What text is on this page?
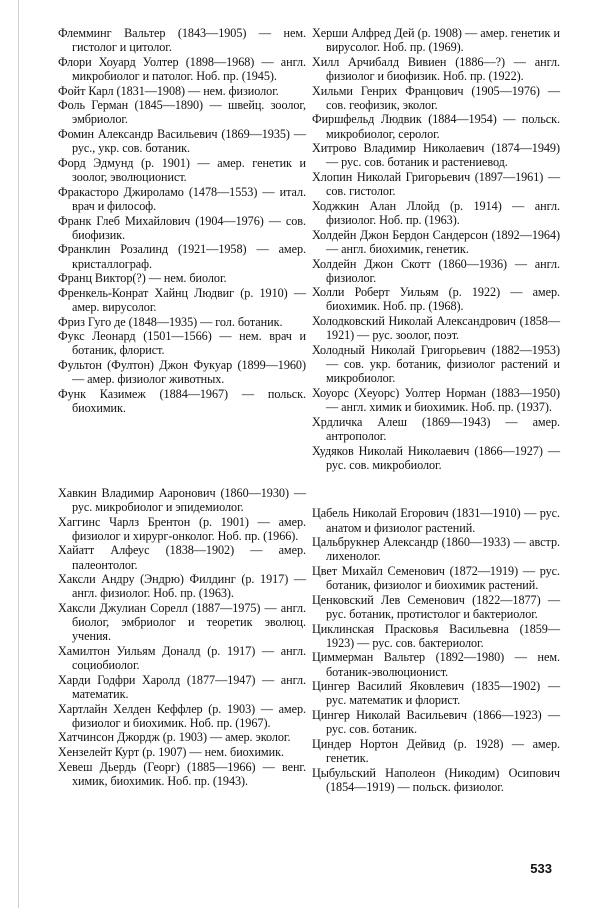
Флемминг Вальтер (1843—1905) — нем. гистолог и цитолог.

Флори Хоуард Уолтер (1898—1968) — англ. микробиолог и патолог. Ноб. пр. (1945).

Фойт Карл (1831—1908) — нем. физиолог.

Фоль Герман (1845—1890) — швейц. зоолог, эмбриолог.

Фомин Александр Васильевич (1869—1935) — рус., укр. сов. ботаник.

Форд Эдмунд (р. 1901) — амер. генетик и зоолог, эволюционист.

Фракасторо Джироламо (1478—1553) — итал. врач и философ.

Франк Глеб Михайлович (1904—1976) — сов. биофизик.

Франклин Розалинд (1921—1958) — амер. кристаллограф.

Франц Виктор(?) — нем. биолог.

Френкель-Конрат Хайнц Людвиг (р. 1910) — амер. вирусолог.

Фриз Гуго де (1848—1935) — гол. ботаник.

Фукс Леонард (1501—1566) — нем. врач и ботаник, флорист.

Фультон (Фултон) Джон Фукуар (1899—1960) — амер. физиолог животных.

Функ Казимеж (1884—1967) — польск. биохимик.

Хавкин Владимир Ааронович (1860—1930) — рус. микробиолог и эпидемиолог.

Хаггинс Чарлз Брентон (р. 1901) — амер. физиолог и хирург-онколог. Ноб. пр. (1966).

Хайатт Алфеус (1838—1902) — амер. палеонтолог.

Хаксли Андру (Эндрю) Филдинг (р. 1917) — англ. физиолог. Ноб. пр. (1963).

Хаксли Джулиан Сорелл (1887—1975) — англ. биолог, эмбриолог и теоретик эволюц. учения.

Хамилтон Уильям Доналд (р. 1917) — англ. социобиолог.

Харди Годфри Харолд (1877—1947) — англ. математик.

Хартлайн Хелден Кеффлер (р. 1903) — амер. физиолог и биохимик. Ноб. пр. (1967).

Хатчинсон Джордж (р. 1903) — амер. эколог.

Хензелейт Курт (р. 1907) — нем. биохимик.

Хевеш Дьердь (Георг) (1885—1966) — венг. химик, биохимик. Ноб. пр. (1943).

Херши Алфред Дей (р. 1908) — амер. генетик и вирусолог. Ноб. пр. (1969).

Хилл Арчибалд Вивиен (1886—?) — англ. физиолог и биофизик. Ноб. пр. (1922).

Хильми Генрих Францович (1905—1976) — сов. геофизик, эколог.

Фиршфельд Людвик (1884—1954) — польск. микробиолог, серолог.

Хитрово Владимир Николаевич (1874—1949) — рус. сов. ботаник и растениевод.

Хлопин Николай Григорьевич (1897—1961) — сов. гистолог.

Ходжкин Алан Ллойд (р. 1914) — англ. физиолог. Ноб. пр. (1963).

Холдейн Джон Бердон Сандерсон (1892—1964) — англ. биохимик, генетик.

Холдейн Джон Скотт (1860—1936) — англ. физиолог.

Холли Роберт Уильям (р. 1922) — амер. биохимик. Ноб. пр. (1968).

Холодковский Николай Александрович (1858—1921) — рус. зоолог, поэт.

Холодный Николай Григорьевич (1882—1953) — сов. укр. ботаник, физиолог растений и микробиолог.

Хоуорс (Хеуорс) Уолтер Норман (1883—1950) — англ. химик и биохимик. Ноб. пр. (1937).

Хрдличка Алеш (1869—1943) — амер. антрополог.

Худяков Николай Николаевич (1866—1927) — рус. сов. микробиолог.

Цабель Николай Егорович (1831—1910) — рус. анатом и физиолог растений.

Цальбрукнер Александр (1860—1933) — австр. лихенолог.

Цвет Михайл Семенович (1872—1919) — рус. ботаник, физиолог и биохимик растений.

Ценковский Лев Семенович (1822—1877) — рус. ботаник, протистолог и бактериолог.

Циклинская Прасковья Васильевна (1859—1923) — рус. сов. бактериолог.

Циммерман Вальтер (1892—1980) — нем. ботаник-эволюционист.

Цингер Василий Яковлевич (1835—1902) — рус. математик и флорист.

Цингер Николай Васильевич (1866—1923) — рус. сов. ботаник.

Циндер Нортон Дейвид (р. 1928) — амер. генетик.

Цыбульский Наполеон (Никодим) Осипович (1854—1919) — польск. физиолог.

533
